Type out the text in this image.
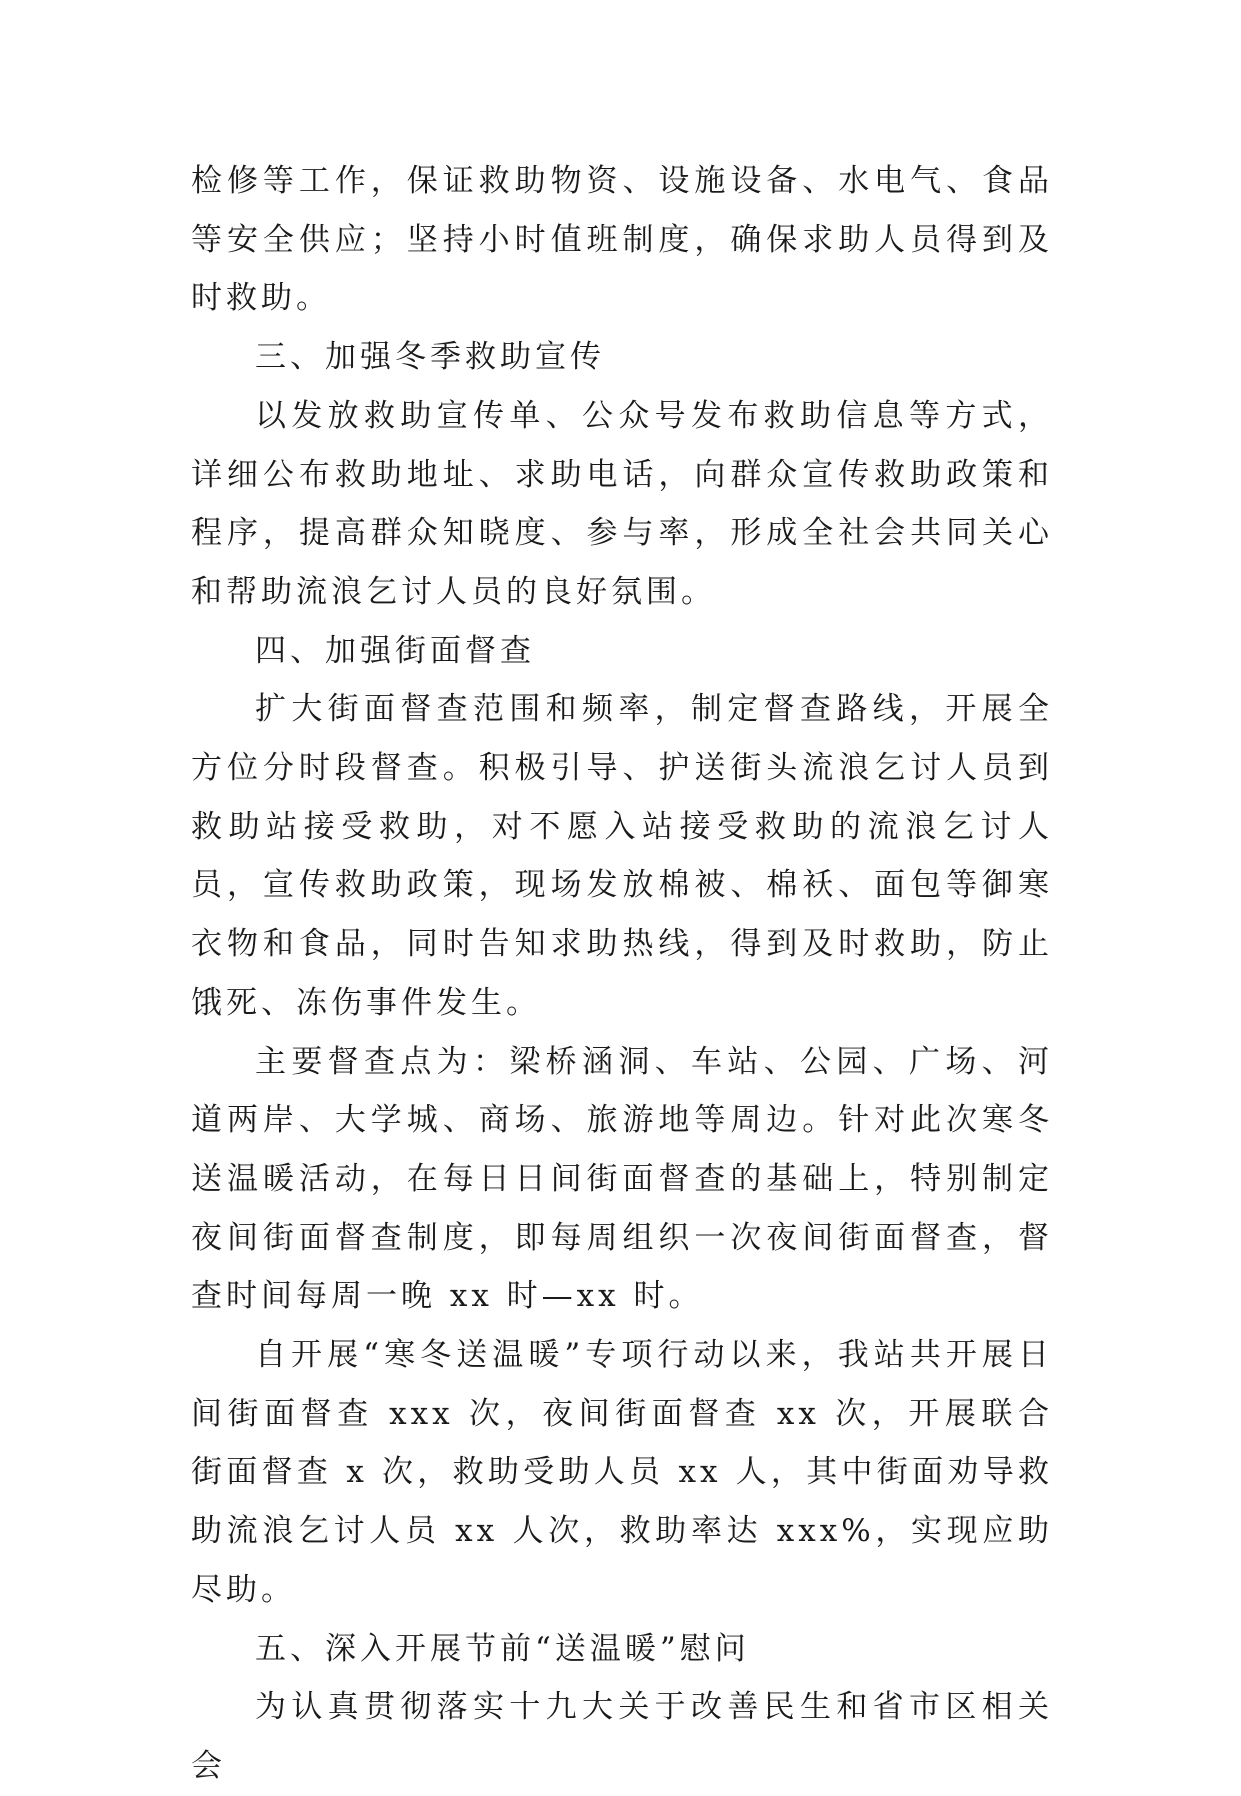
检修等工作，保证救助物资、设施设备、水电气、食品等安全供应；坚持小时值班制度，确保求助人员得到及时救助。

三、加强冬季救助宣传

以发放救助宣传单、公众号发布救助信息等方式，详细公布救助地址、求助电话，向群众宣传救助政策和程序，提高群众知晓度、参与率，形成全社会共同关心和帮助流浪乞讨人员的良好氛围。

四、加强街面督查

扩大街面督查范围和频率，制定督查路线，开展全方位分时段督查。积极引导、护送街头流浪乞讨人员到救助站接受救助，对不愿入站接受救助的流浪乞讨人员，宣传救助政策，现场发放棉被、棉袄、面包等御寒衣物和食品，同时告知求助热线，得到及时救助，防止饿死、冻伤事件发生。

主要督查点为：梁桥涵洞、车站、公园、广场、河道两岸、大学城、商场、旅游地等周边。针对此次寒冬送温暖活动，在每日日间街面督查的基础上，特别制定夜间街面督查制度，即每周组织一次夜间街面督查，督查时间每周一晚 xx 时—xx 时。

自开展“寒冬送温暖”专项行动以来，我站共开展日间街面督查 xxx 次，夜间街面督查 xx 次，开展联合街面督查 x 次，救助受助人员 xx 人，其中街面劝导救助流浪乞讨人员 xx 人次，救助率达 xxx%，实现应助尽助。

五、深入开展节前“送温暖”慰问

为认真贯彻落实十九大关于改善民生和省市区相关会
